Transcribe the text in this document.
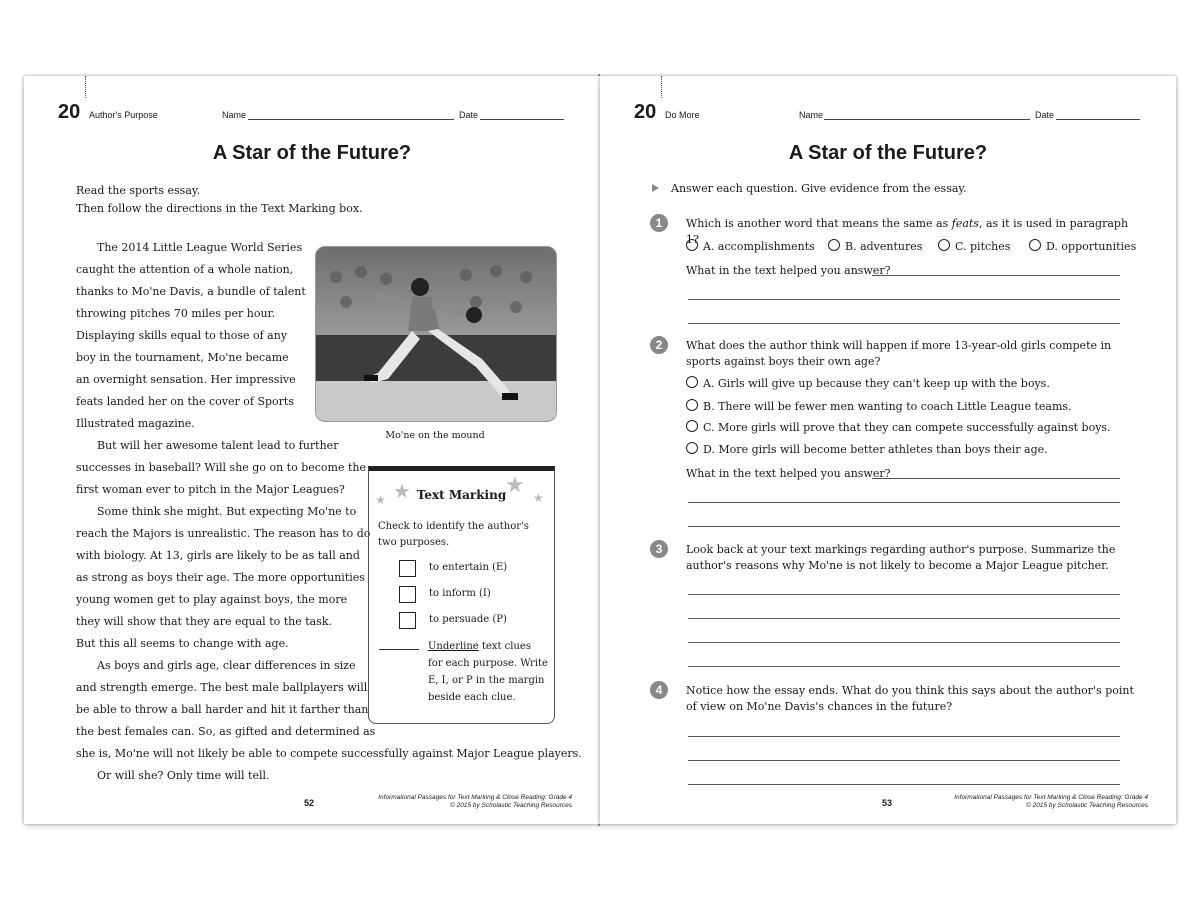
20 Author's Purpose	Name	Date
A Star of the Future?
Read the sports essay.
Then follow the directions in the Text Marking box.
The 2014 Little League World Series
caught the attention of a whole nation,
thanks to Mo'ne Davis, a bundle of talent
throwing pitches 70 miles per hour.
Displaying skills equal to those of any
boy in the tournament, Mo'ne became
an overnight sensation. Her impressive
feats landed her on the cover of Sports
Illustrated magazine.
But will her awesome talent lead to further
successes in baseball? Will she go on to become the
first woman ever to pitch in the Major Leagues?
Some think she might. But expecting Mo'ne to
reach the Majors is unrealistic. The reason has to do
with biology. At 13, girls are likely to be as tall and
as strong as boys their age. The more opportunities
young women get to play against boys, the more
they will show that they are equal to the task.
But this all seems to change with age.
As boys and girls age, clear differences in size
and strength emerge. The best male ballplayers will
be able to throw a ball harder and hit it farther than
the best females can. So, as gifted and determined as
she is, Mo'ne will not likely be able to compete successfully against Major League players.
Or will she? Only time will tell.
Mo'ne on the mound
★ ★	★ ★
Text Marking
Check to identify the author's
two purposes.
to entertain (E)
to inform (I)
to persuade (P)
Underline text clues
for each purpose. Write
E, I, or P in the margin
beside each clue.
52
Informational Passages for Text Marking & Close Reading: Grade 4
© 2015 by Scholastic Teaching Resources
20 Do More	Name	Date
A Star of the Future?
Answer each question. Give evidence from the essay.
1	Which is another word that means the same as feats, as it is used in paragraph 1?
A. accomplishments	B. adventures	C. pitches	D. opportunities
What in the text helped you answer?
2	What does the author think will happen if more 13-year-old girls compete in sports against boys their own age?
A. Girls will give up because they can't keep up with the boys.
B. There will be fewer men wanting to coach Little League teams.
C. More girls will prove that they can compete successfully against boys.
D. More girls will become better athletes than boys their age.
What in the text helped you answer?
3	Look back at your text markings regarding author's purpose. Summarize the author's reasons why Mo'ne is not likely to become a Major League pitcher.
4	Notice how the essay ends. What do you think this says about the author's point of view on Mo'ne Davis's chances in the future?
53
Informational Passages for Text Marking & Close Reading: Grade 4
© 2015 by Scholastic Teaching Resources
